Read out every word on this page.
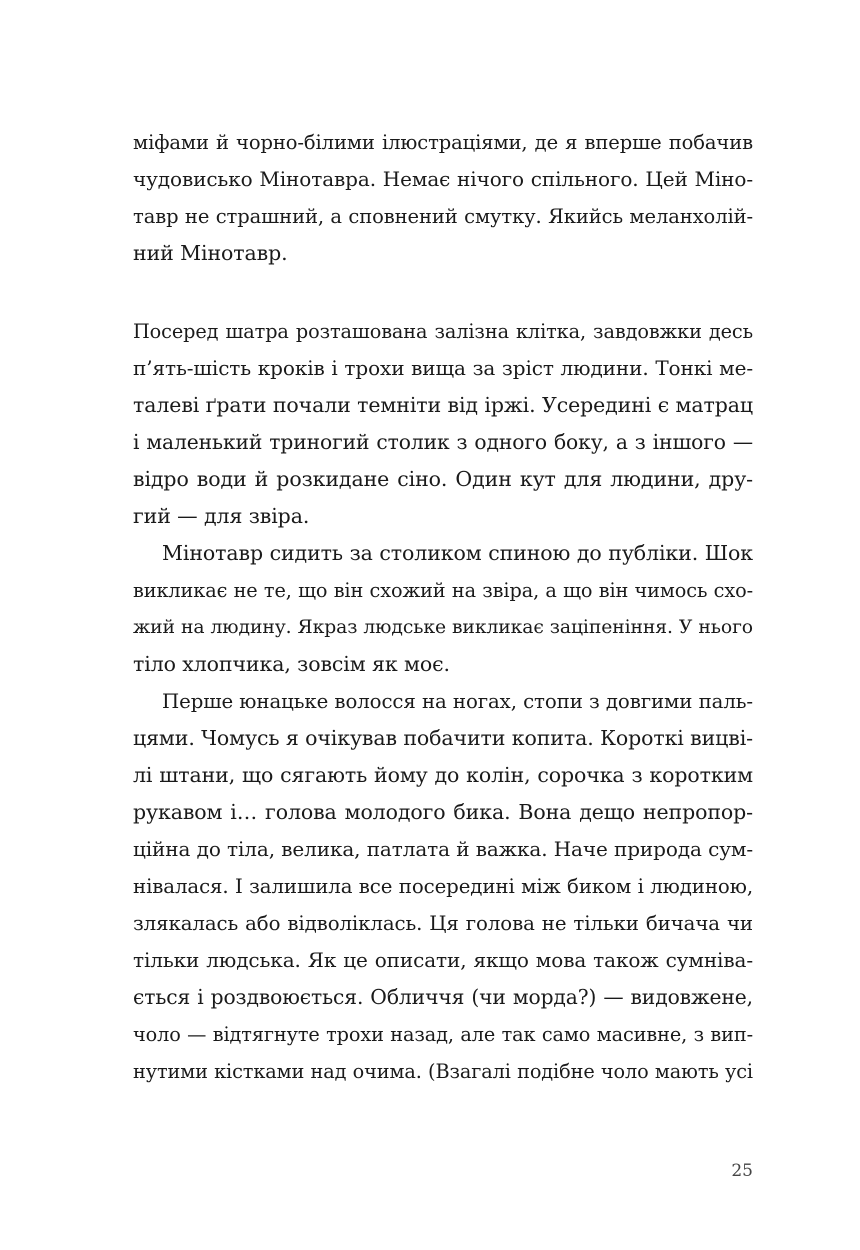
міфами й чорно-білими ілюстраціями, де я вперше побачив
чудовисько Мінотавра. Немає нічого спільного. Цей Міно-
тавр не страшний, а сповнений смутку. Якийсь меланхолій-
ний Мінотавр.
Посеред шатра розташована залізна клітка, завдовжки десь
п’ять-шість кроків і трохи вища за зріст людини. Тонкі ме-
талеві ґрати почали темніти від іржі. Усередині є матрац
і маленький триногий столик з одного боку, а з іншого —
відро води й розкидане сіно. Один кут для людини, дру-
гий — для звіра.
Мінотавр сидить за столиком спиною до публіки. Шок
викликає не те, що він схожий на звіра, а що він чимось схо-
жий на людину. Якраз людське викликає заціпеніння. У нього
тіло хлопчика, зовсім як моє.
Перше юнацьке волосся на ногах, стопи з довгими паль-
цями. Чомусь я очікував побачити копита. Короткі вицві-
лі штани, що сягають йому до колін, сорочка з коротким
рукавом і… голова молодого бика. Вона дещо непропор-
ційна до тіла, велика, патлата й важка. Наче природа сум-
нівалася. І залишила все посередині між биком і людиною,
злякалась або відволіклась. Ця голова не тільки бичача чи
тільки людська. Як це описати, якщо мова також сумніва-
ється і роздвоюється. Обличчя (чи морда?) — видовжене,
чоло — відтягнуте трохи назад, але так само масивне, з вип-
нутими кістками над очима. (Взагалі подібне чоло мають усі
25
